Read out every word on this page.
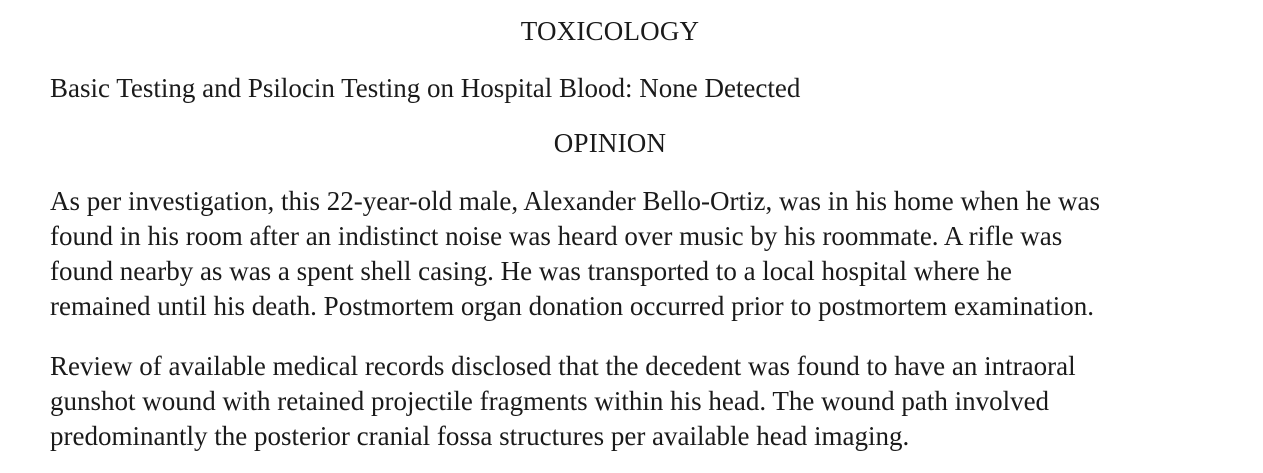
TOXICOLOGY
Basic Testing and Psilocin Testing on Hospital Blood: None Detected
OPINION
As per investigation, this 22-year-old male, Alexander Bello-Ortiz, was in his home when he was
found in his room after an indistinct noise was heard over music by his roommate. A rifle was
found nearby as was a spent shell casing. He was transported to a local hospital where he
remained until his death. Postmortem organ donation occurred prior to postmortem examination.
Review of available medical records disclosed that the decedent was found to have an intraoral
gunshot wound with retained projectile fragments within his head. The wound path involved
predominantly the posterior cranial fossa structures per available head imaging.
